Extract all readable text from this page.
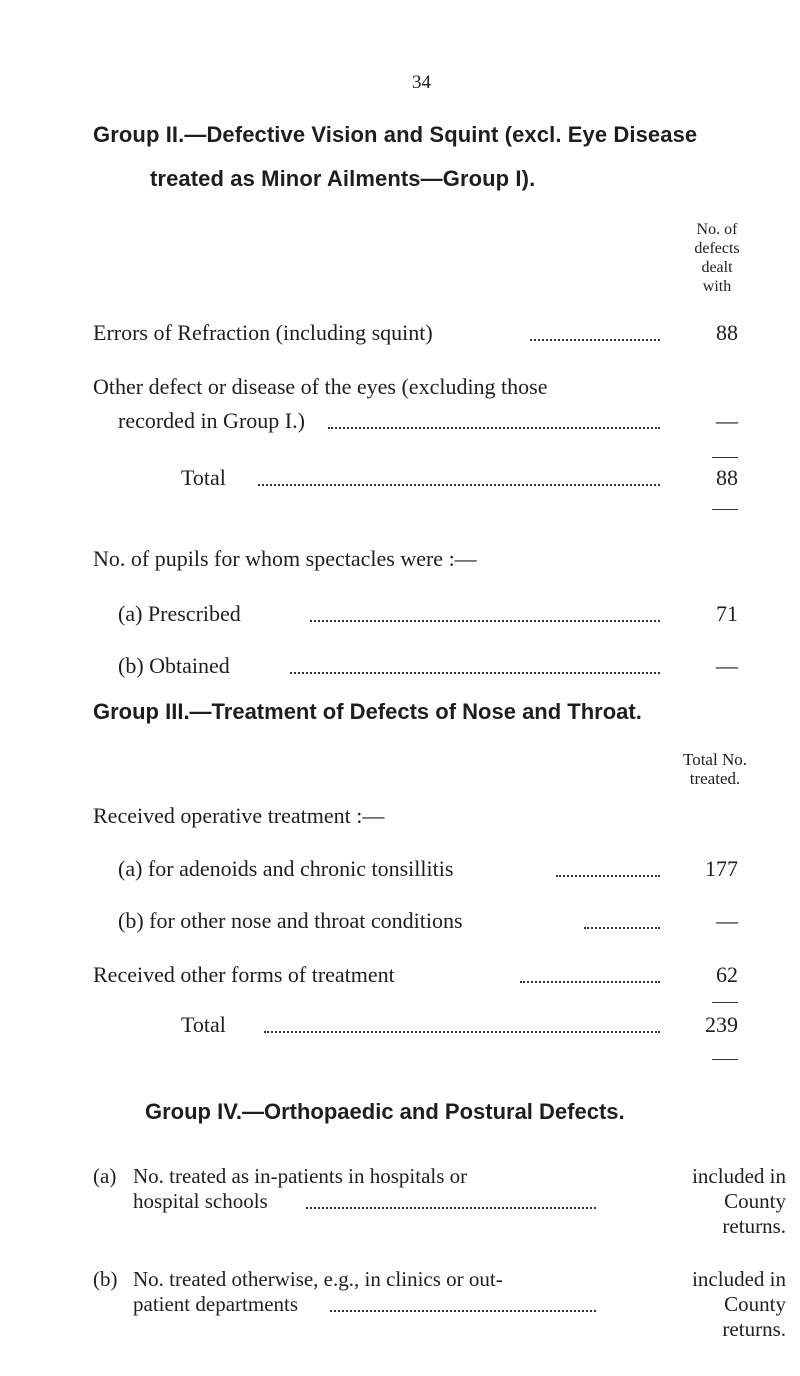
34
Group II.—Defective Vision and Squint (excl. Eye Disease
treated as Minor Ailments—Group I).
No. of
defects
dealt
with
Errors of Refraction (including squint)	88
Other defect or disease of the eyes (excluding those
recorded in Group I.)	—
Total	88
No. of pupils for whom spectacles were :—
(a) Prescribed	71
(b) Obtained	—
Group III.—Treatment of Defects of Nose and Throat.
Total No.
treated.
Received operative treatment :—
(a) for adenoids and chronic tonsillitis	177
(b) for other nose and throat conditions	—
Received other forms of treatment	62
Total	239
Group IV.—Orthopaedic and Postural Defects.
(a) No. treated as in-patients in hospitals or
hospital schools
included in
County
returns.
(b) No. treated otherwise, e.g., in clinics or out-
patient departments
included in
County
returns.
